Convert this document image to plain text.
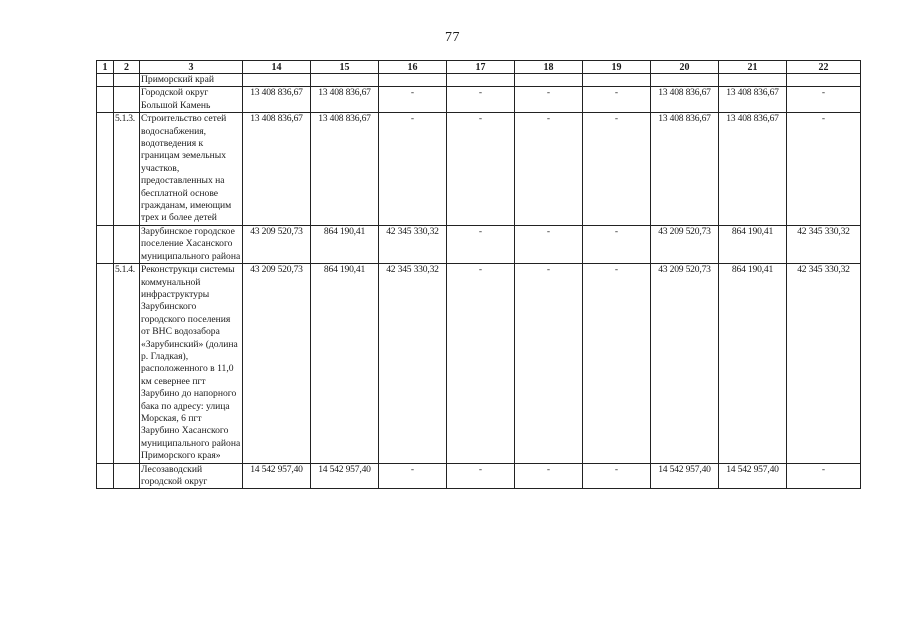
77
1	2	3	14	15	16	17	18	19	20	21	22
		Приморский край									
		Городской округ Большой Камень	13 408 836,67	13 408 836,67	-	-	-	-	13 408 836,67	13 408 836,67	-
	5.1.3.	Строительство сетей водоснабжения, водотведения к границам земельных участков, предоставленных на бесплатной основе гражданам, имеющим трех и более детей	13 408 836,67	13 408 836,67	-	-	-	-	13 408 836,67	13 408 836,67	-
		Зарубинское городское поселение Хасанского муниципального района	43 209 520,73	864 190,41	42 345 330,32	-	-	-	43 209 520,73	864 190,41	42 345 330,32
	5.1.4.	Реконструкци системы коммунальной инфраструктуры Зарубинского городского поселения от ВНС водозабора «Зарубинский» (долина р. Гладкая), расположенного в 11,0 км севернее пгт Зарубино до напорного бака по адресу: улица Морская, 6 пгт Зарубино Хасанского муниципального района Приморского края»	43 209 520,73	864 190,41	42 345 330,32	-	-	-	43 209 520,73	864 190,41	42 345 330,32
		Лесозаводский городской округ	14 542 957,40	14 542 957,40	-	-	-	-	14 542 957,40	14 542 957,40	-
